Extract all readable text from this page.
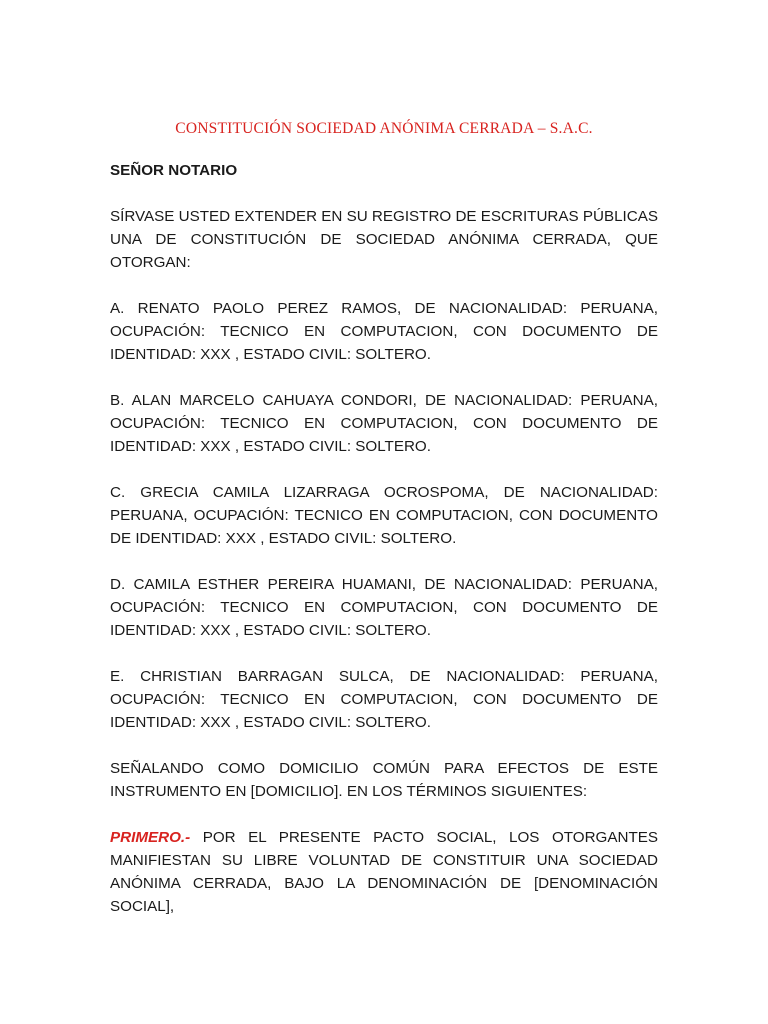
CONSTITUCIÓN SOCIEDAD ANÓNIMA CERRADA – S.A.C.
SEÑOR NOTARIO
SÍRVASE USTED EXTENDER EN SU REGISTRO DE ESCRITURAS PÚBLICAS UNA DE CONSTITUCIÓN DE SOCIEDAD ANÓNIMA CERRADA, QUE OTORGAN:
A. RENATO PAOLO PEREZ RAMOS, DE NACIONALIDAD: PERUANA, OCUPACIÓN: TECNICO EN COMPUTACION, CON DOCUMENTO DE IDENTIDAD: XXX , ESTADO CIVIL: SOLTERO.
B. ALAN MARCELO CAHUAYA CONDORI, DE NACIONALIDAD: PERUANA, OCUPACIÓN: TECNICO EN COMPUTACION, CON DOCUMENTO DE IDENTIDAD: XXX , ESTADO CIVIL: SOLTERO.
C. GRECIA CAMILA LIZARRAGA OCROSPOMA, DE NACIONALIDAD: PERUANA, OCUPACIÓN: TECNICO EN COMPUTACION, CON DOCUMENTO DE IDENTIDAD: XXX , ESTADO CIVIL: SOLTERO.
D. CAMILA ESTHER PEREIRA HUAMANI, DE NACIONALIDAD: PERUANA, OCUPACIÓN: TECNICO EN COMPUTACION, CON DOCUMENTO DE IDENTIDAD: XXX , ESTADO CIVIL: SOLTERO.
E. CHRISTIAN BARRAGAN SULCA, DE NACIONALIDAD: PERUANA, OCUPACIÓN: TECNICO EN COMPUTACION, CON DOCUMENTO DE IDENTIDAD: XXX , ESTADO CIVIL: SOLTERO.
SEÑALANDO COMO DOMICILIO COMÚN PARA EFECTOS DE ESTE INSTRUMENTO EN [DOMICILIO]. EN LOS TÉRMINOS SIGUIENTES:
PRIMERO.- POR EL PRESENTE PACTO SOCIAL, LOS OTORGANTES MANIFIESTAN SU LIBRE VOLUNTAD DE CONSTITUIR UNA SOCIEDAD ANÓNIMA CERRADA, BAJO LA DENOMINACIÓN DE [DENOMINACIÓN SOCIAL],
